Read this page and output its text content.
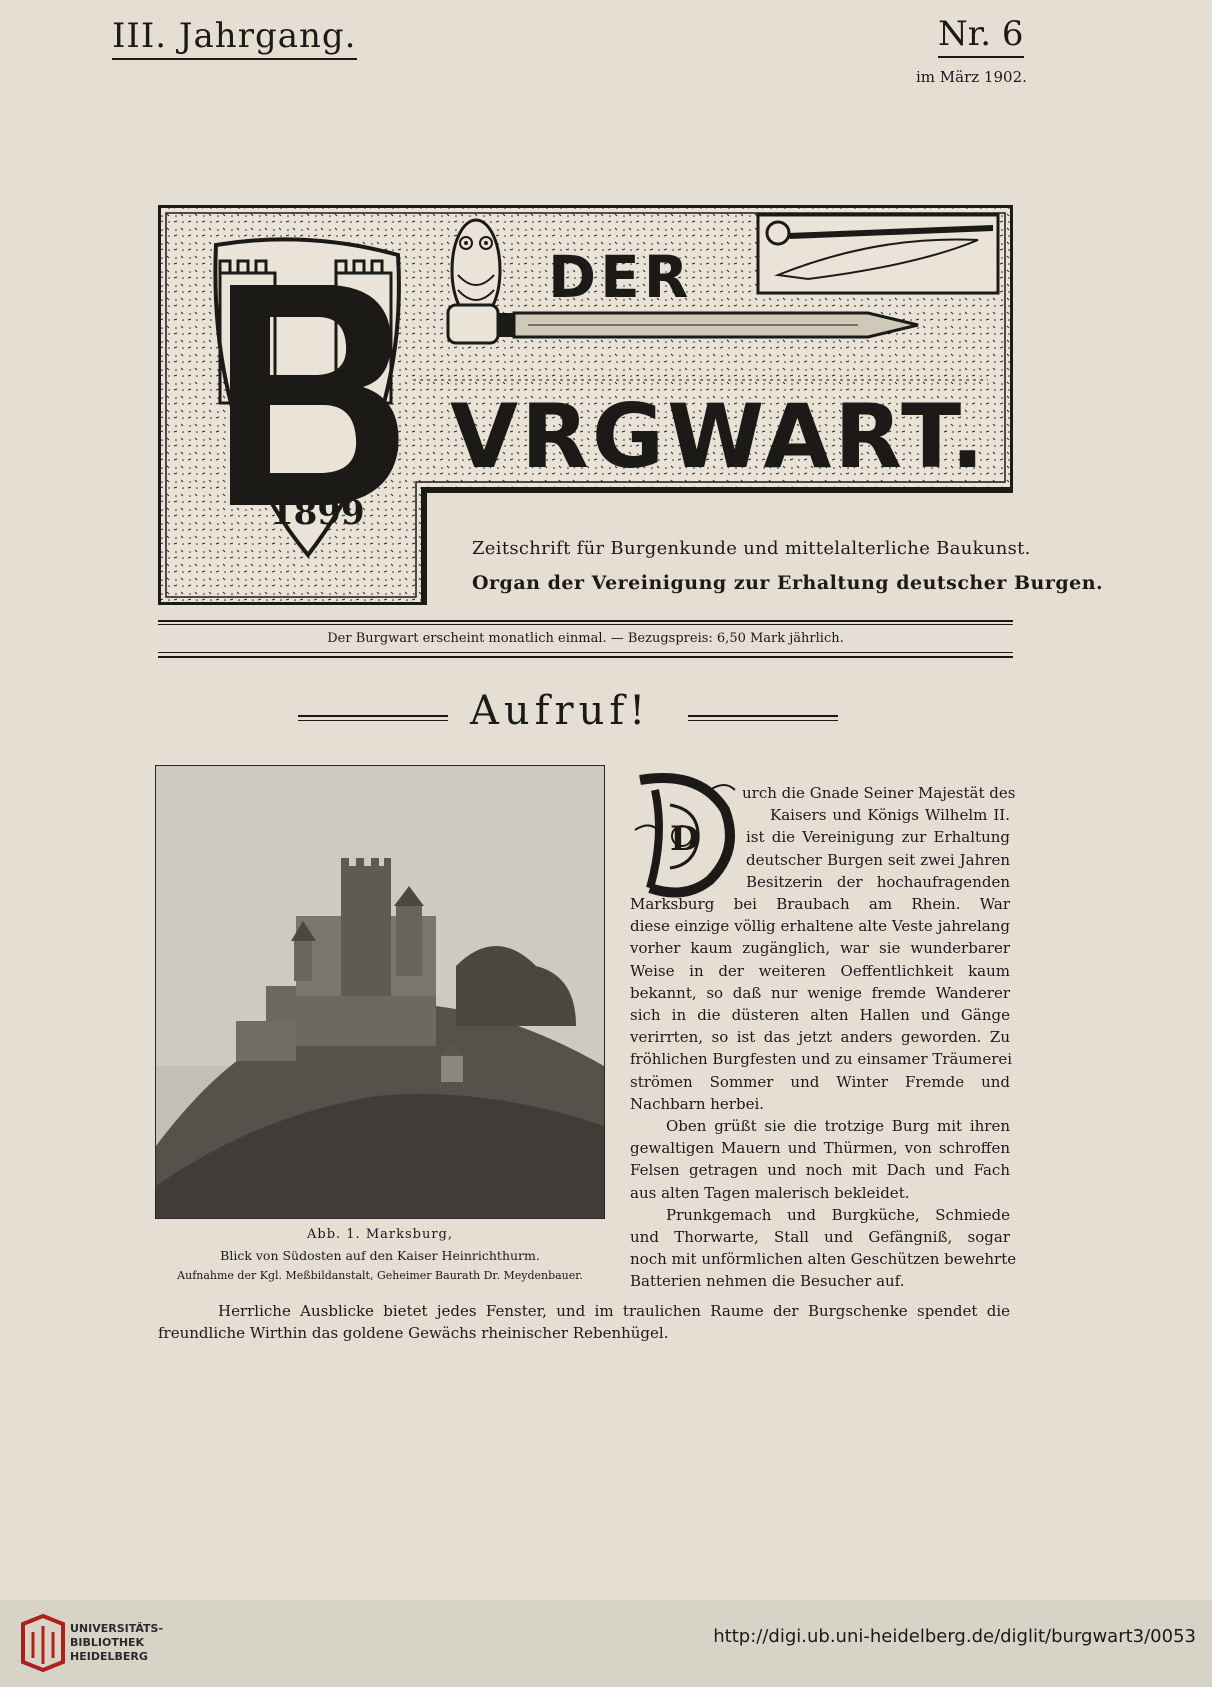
III. Jahrgang.	Nr. 6
im März 1902.
DER
VRGWART.
1899
Zeitschrift für Burgenkunde und mittelalterliche Baukunst.
Organ der Vereinigung zur Erhaltung deutscher Burgen.
Der Burgwart erscheint monatlich einmal. — Bezugspreis: 6,50 Mark jährlich.
Aufruf!
Abb. 1. Marksburg,
Blick von Südosten auf den Kaiser Heinrichthurm.
Aufnahme der Kgl. Meßbildanstalt, Geheimer Baurath Dr. Meydenbauer.
D
urch die Gnade Seiner Majestät des
Kaisers und Königs Wilhelm II.
ist die Vereinigung zur Erhaltung
deutscher Burgen seit zwei Jahren
Besitzerin der hochaufragenden
Marksburg bei Braubach am Rhein. War
diese einzige völlig erhaltene alte Veste jahrelang
vorher kaum zugänglich, war sie wunderbarer
Weise in der weiteren Oeffentlichkeit kaum
bekannt, so daß nur wenige fremde Wanderer
sich in die düsteren alten Hallen und Gänge
verirrten, so ist das jetzt anders geworden. Zu
fröhlichen Burgfesten und zu einsamer Träumerei
strömen Sommer und Winter Fremde und
Nachbarn herbei.
Oben grüßt sie die trotzige Burg mit ihren
gewaltigen Mauern und Thürmen, von schroffen
Felsen getragen und noch mit Dach und Fach
aus alten Tagen malerisch bekleidet.
Prunkgemach und Burgküche, Schmiede
und Thorwarte, Stall und Gefängniß, sogar
noch mit unförmlichen alten Geschützen bewehrte
Batterien nehmen die Besucher auf.
Herrliche Ausblicke bietet jedes Fenster, und im traulichen Raume der Burgschenke spendet die
freundliche Wirthin das goldene Gewächs rheinischer Rebenhügel.
UNIVERSITÄTS-
BIBLIOTHEK
HEIDELBERG
http://digi.ub.uni-heidelberg.de/diglit/burgwart3/0053
